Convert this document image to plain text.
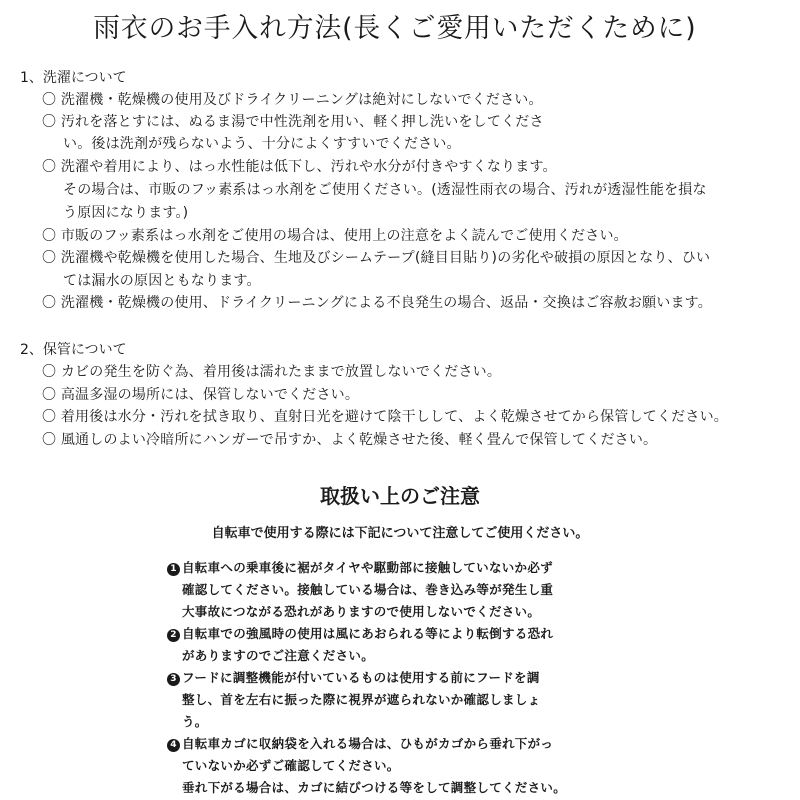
雨衣のお手入れ方法(長くご愛用いただくために)
1、洗濯について
〇 洗濯機・乾燥機の使用及びドライクリーニングは絶対にしないでください。
〇 汚れを落とすには、ぬるま湯で中性洗剤を用い、軽く押し洗いをしてくださ
い。後は洗剤が残らないよう、十分によくすすいでください。
〇 洗濯や着用により、はっ水性能は低下し、汚れや水分が付きやすくなります。
その場合は、市販のフッ素系はっ水剤をご使用ください。(透湿性雨衣の場合、汚れが透湿性能を損な
う原因になります。)
〇 市販のフッ素系はっ水剤をご使用の場合は、使用上の注意をよく読んでご使用ください。
〇 洗濯機や乾燥機を使用した場合、生地及びシームテープ(縫目目貼り)の劣化や破損の原因となり、ひい
ては漏水の原因ともなります。
〇 洗濯機・乾燥機の使用、ドライクリーニングによる不良発生の場合、返品・交換はご容赦お願います。
2、保管について
〇 カビの発生を防ぐ為、着用後は濡れたままで放置しないでください。
〇 高温多湿の場所には、保管しないでください。
〇 着用後は水分・汚れを拭き取り、直射日光を避けて陰干しして、よく乾燥させてから保管してください。
〇 風通しのよい冷暗所にハンガーで吊すか、よく乾燥させた後、軽く畳んで保管してください。
取扱い上のご注意
自転車で使用する際には下記について注意してご使用ください。
1 自転車への乗車後に裾がタイヤや駆動部に接触していないか必ず
確認してください。接触している場合は、巻き込み等が発生し重
大事故につながる恐れがありますので使用しないでください。
2 自転車での強風時の使用は風にあおられる等により転倒する恐れ
がありますのでご注意ください。
3 フードに調整機能が付いているものは使用する前にフードを調
整し、首を左右に振った際に視界が遮られないか確認しましょ
う。
4 自転車カゴに収納袋を入れる場合は、ひもがカゴから垂れ下がっ
ていないか必ずご確認してください。
垂れ下がる場合は、カゴに結びつける等をして調整してください。
